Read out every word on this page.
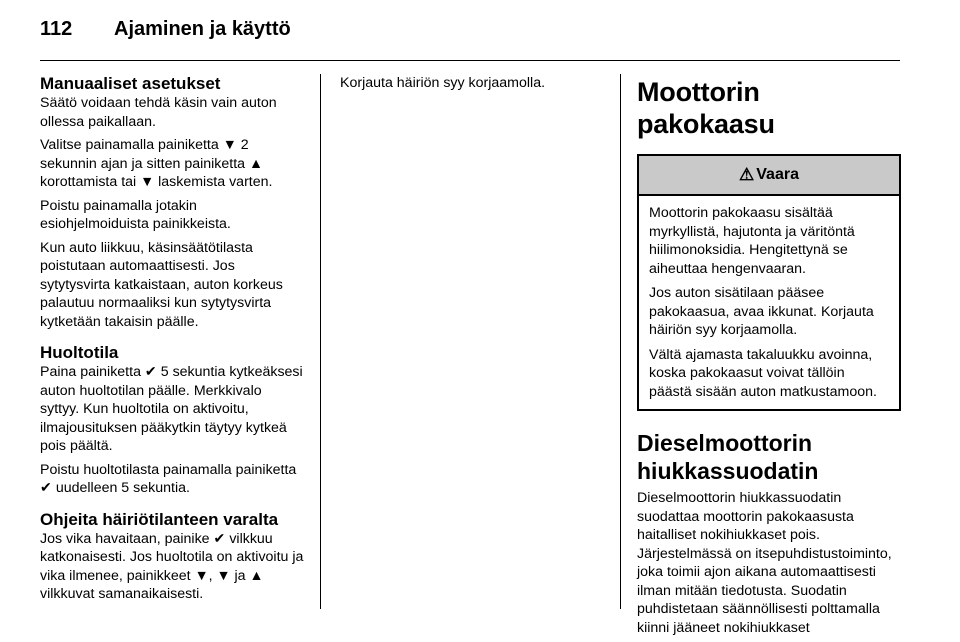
112	Ajaminen ja käyttö
Manuaaliset asetukset

Säätö voidaan tehdä käsin vain auton ollessa paikallaan.

Valitse painamalla painiketta ▼ 2 sekunnin ajan ja sitten painiketta ▲ korottamista tai ▼ laskemista varten.

Poistu painamalla jotakin esiohjelmoiduista painikkeista.

Kun auto liikkuu, käsinsäätötilasta poistutaan automaattisesti. Jos sytytysvirta katkaistaan, auton korkeus palautuu normaaliksi kun sytytysvirta kytketään takaisin päälle.

Huoltotila

Paina painiketta ✔ 5 sekuntia kytkeäksesi auton huoltotilan päälle. Merkkivalo syttyy. Kun huoltotila on aktivoitu, ilmajousituksen pääkytkin täytyy kytkeä pois päältä.

Poistu huoltotilasta painamalla painiketta ✔ uudelleen 5 sekuntia.

Ohjeita häiriötilanteen varalta

Jos vika havaitaan, painike ✔ vilkkuu katkonaisesti. Jos huoltotila on aktivoitu ja vika ilmenee, painikkeet ▼, ▼ ja ▲ vilkkuvat samanaikaisesti.

Korjauta häiriön syy korjaamolla.	Moottorin pakokaasu
⚠ Vaara

Moottorin pakokaasu sisältää myrkyllistä, hajutonta ja väritöntä hiilimonoksidia. Hengitettynä se aiheuttaa hengenvaaran.

Jos auton sisätilaan pääsee pakokaasua, avaa ikkunat. Korjauta häiriön syy korjaamolla.

Vältä ajamasta takaluukku avoinna, koska pakokaasut voivat tällöin päästä sisään auton matkustamoon.

Dieselmoottorin hiukkassuodatin

Dieselmoottorin hiukkassuodatin suodattaa moottorin pakokaasusta haitalliset nokihiukkaset pois. Järjestelmässä on itsepuhdistustoiminto, joka toimii ajon aikana automaattisesti ilman mitään tiedotusta. Suodatin puhdistetaan säännöllisesti polttamalla kiinni jääneet nokihiukkaset
